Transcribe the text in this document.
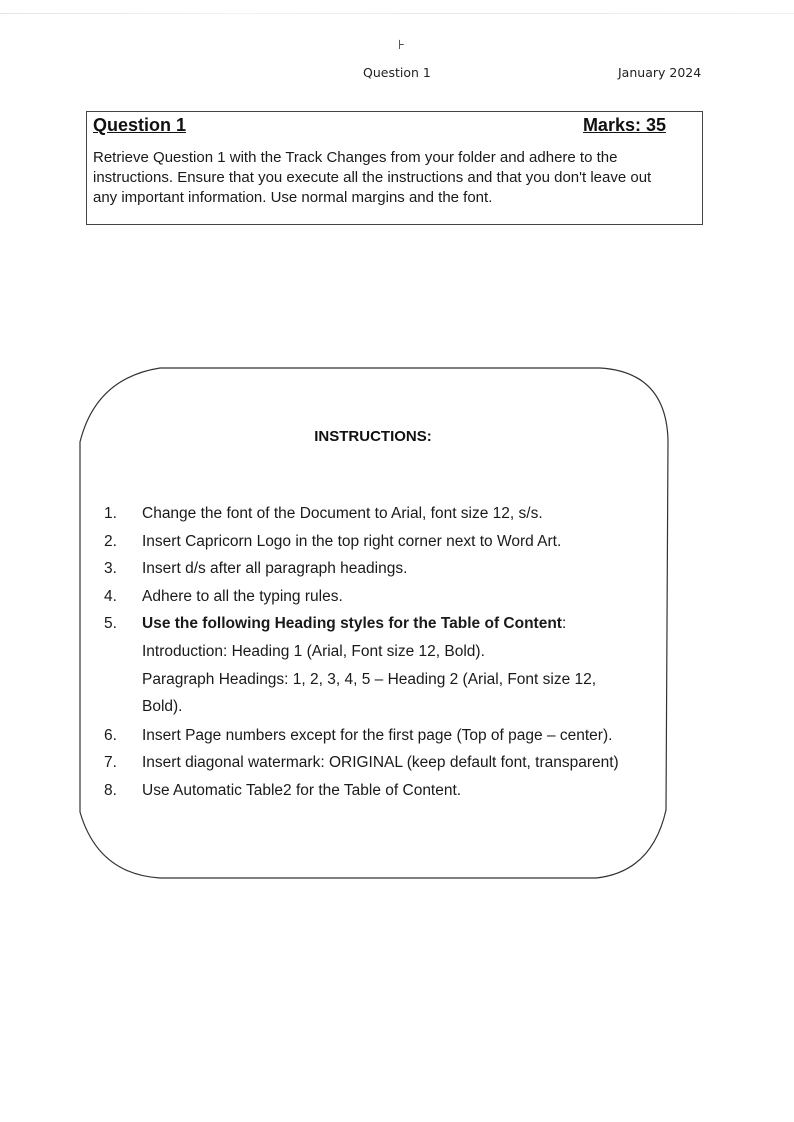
⊦
Question 1	January 2024
Question 1	Marks: 35
Retrieve Question 1 with the Track Changes from your folder and adhere to the
instructions. Ensure that you execute all the instructions and that you don't leave out
any important information. Use normal margins and the font.
INSTRUCTIONS:
1. Change the font of the Document to Arial, font size 12, s/s.
2. Insert Capricorn Logo in the top right corner next to Word Art.
3. Insert d/s after all paragraph headings.
4. Adhere to all the typing rules.
5. Use the following Heading styles for the Table of Content:
Introduction: Heading 1 (Arial, Font size 12, Bold).
Paragraph Headings: 1, 2, 3, 4, 5 – Heading 2 (Arial, Font size 12,
Bold).
6. Insert Page numbers except for the first page (Top of page – center).
7. Insert diagonal watermark: ORIGINAL (keep default font, transparent)
8. Use Automatic Table2 for the Table of Content.
